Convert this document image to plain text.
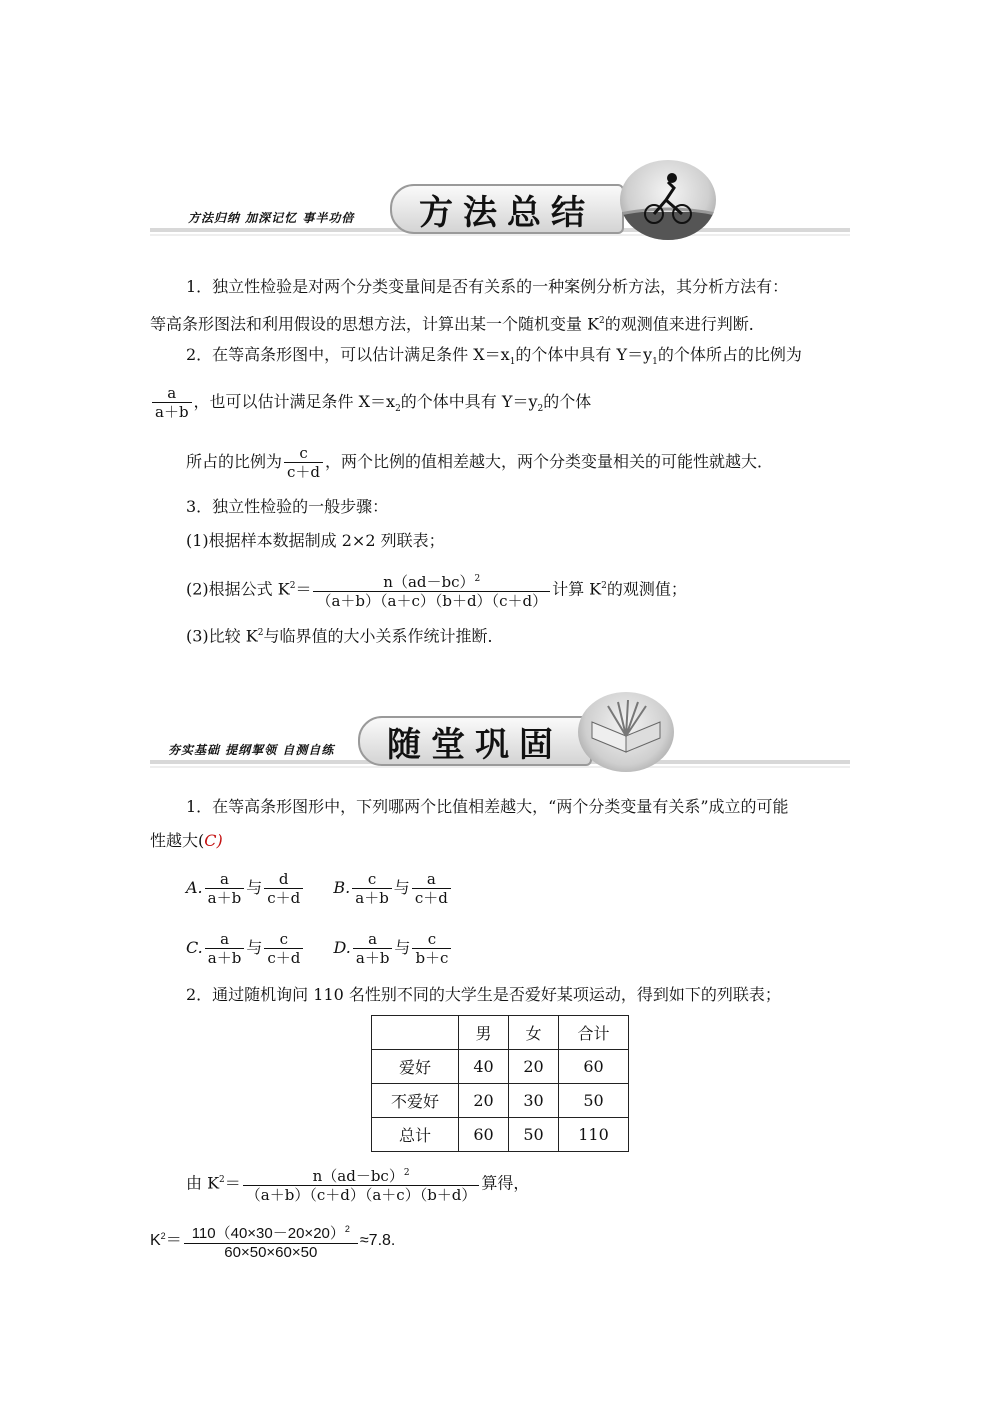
方法归纳 加深记忆 事半功倍	方法总结
1．独立性检验是对两个分类变量间是否有关系的一种案例分析方法，其分析方法有：
等高条形图法和利用假设的思想方法，计算出某一个随机变量 $K^2$的观测值来进行判断．
2．在等高条形图中，可以估计满足条件 $X=x_1$的个体中具有 $Y=y_1$的个体所占的比例为
$\frac{a}{a+b}$ ，也可以估计满足条件 $X=x_2$的个体中具有 $Y=y_2$的个体
所占的比例为 $\frac{c}{c+d}$ ，两个比例的值相差越大，两个分类变量相关的可能性就越大．
3．独立性检验的一般步骤：
(1)根据样本数据制成 2×2 列联表；
(2)根据公式 $K^2= \frac{n(ad-bc)^2}{(a+b)(a+c)(b+d)(c+d)}$ 计算 $K^2$的观测值；
(3)比较 $K^2$与临界值的大小关系作统计推断．
夯实基础 提纲挈领 自测自练	随堂巩固
1．在等高条形图形中，下列哪两个比值相差越大，“两个分类变量有关系”成立的可能
性越大(C)
A. $\frac{a}{a+b}$ 与 $\frac{d}{c+d} B$. $\frac{c}{a+b}$ 与 $\frac{a}{c+d}$
C. $\frac{a}{a+b}$ 与 $\frac{c}{c+d} D$. $\frac{a}{a+b}$ 与 $\frac{c}{b+c}$
2．通过随机询问 110 名性别不同的大学生是否爱好某项运动，得到如下的列联表；
	男	女	合计
爱好	40	20	60
不爱好	20	30	50
总计	60	50	110
由 $K^2= \frac{n(ad-bc)^2}{(a+b)(c+d)(a+c)(b+d)}$ 算得，
$K^2= \frac{110(40\times 30-20\times 20)^2}{60\times 50\times 60\times 50} \approx 7.8$.
